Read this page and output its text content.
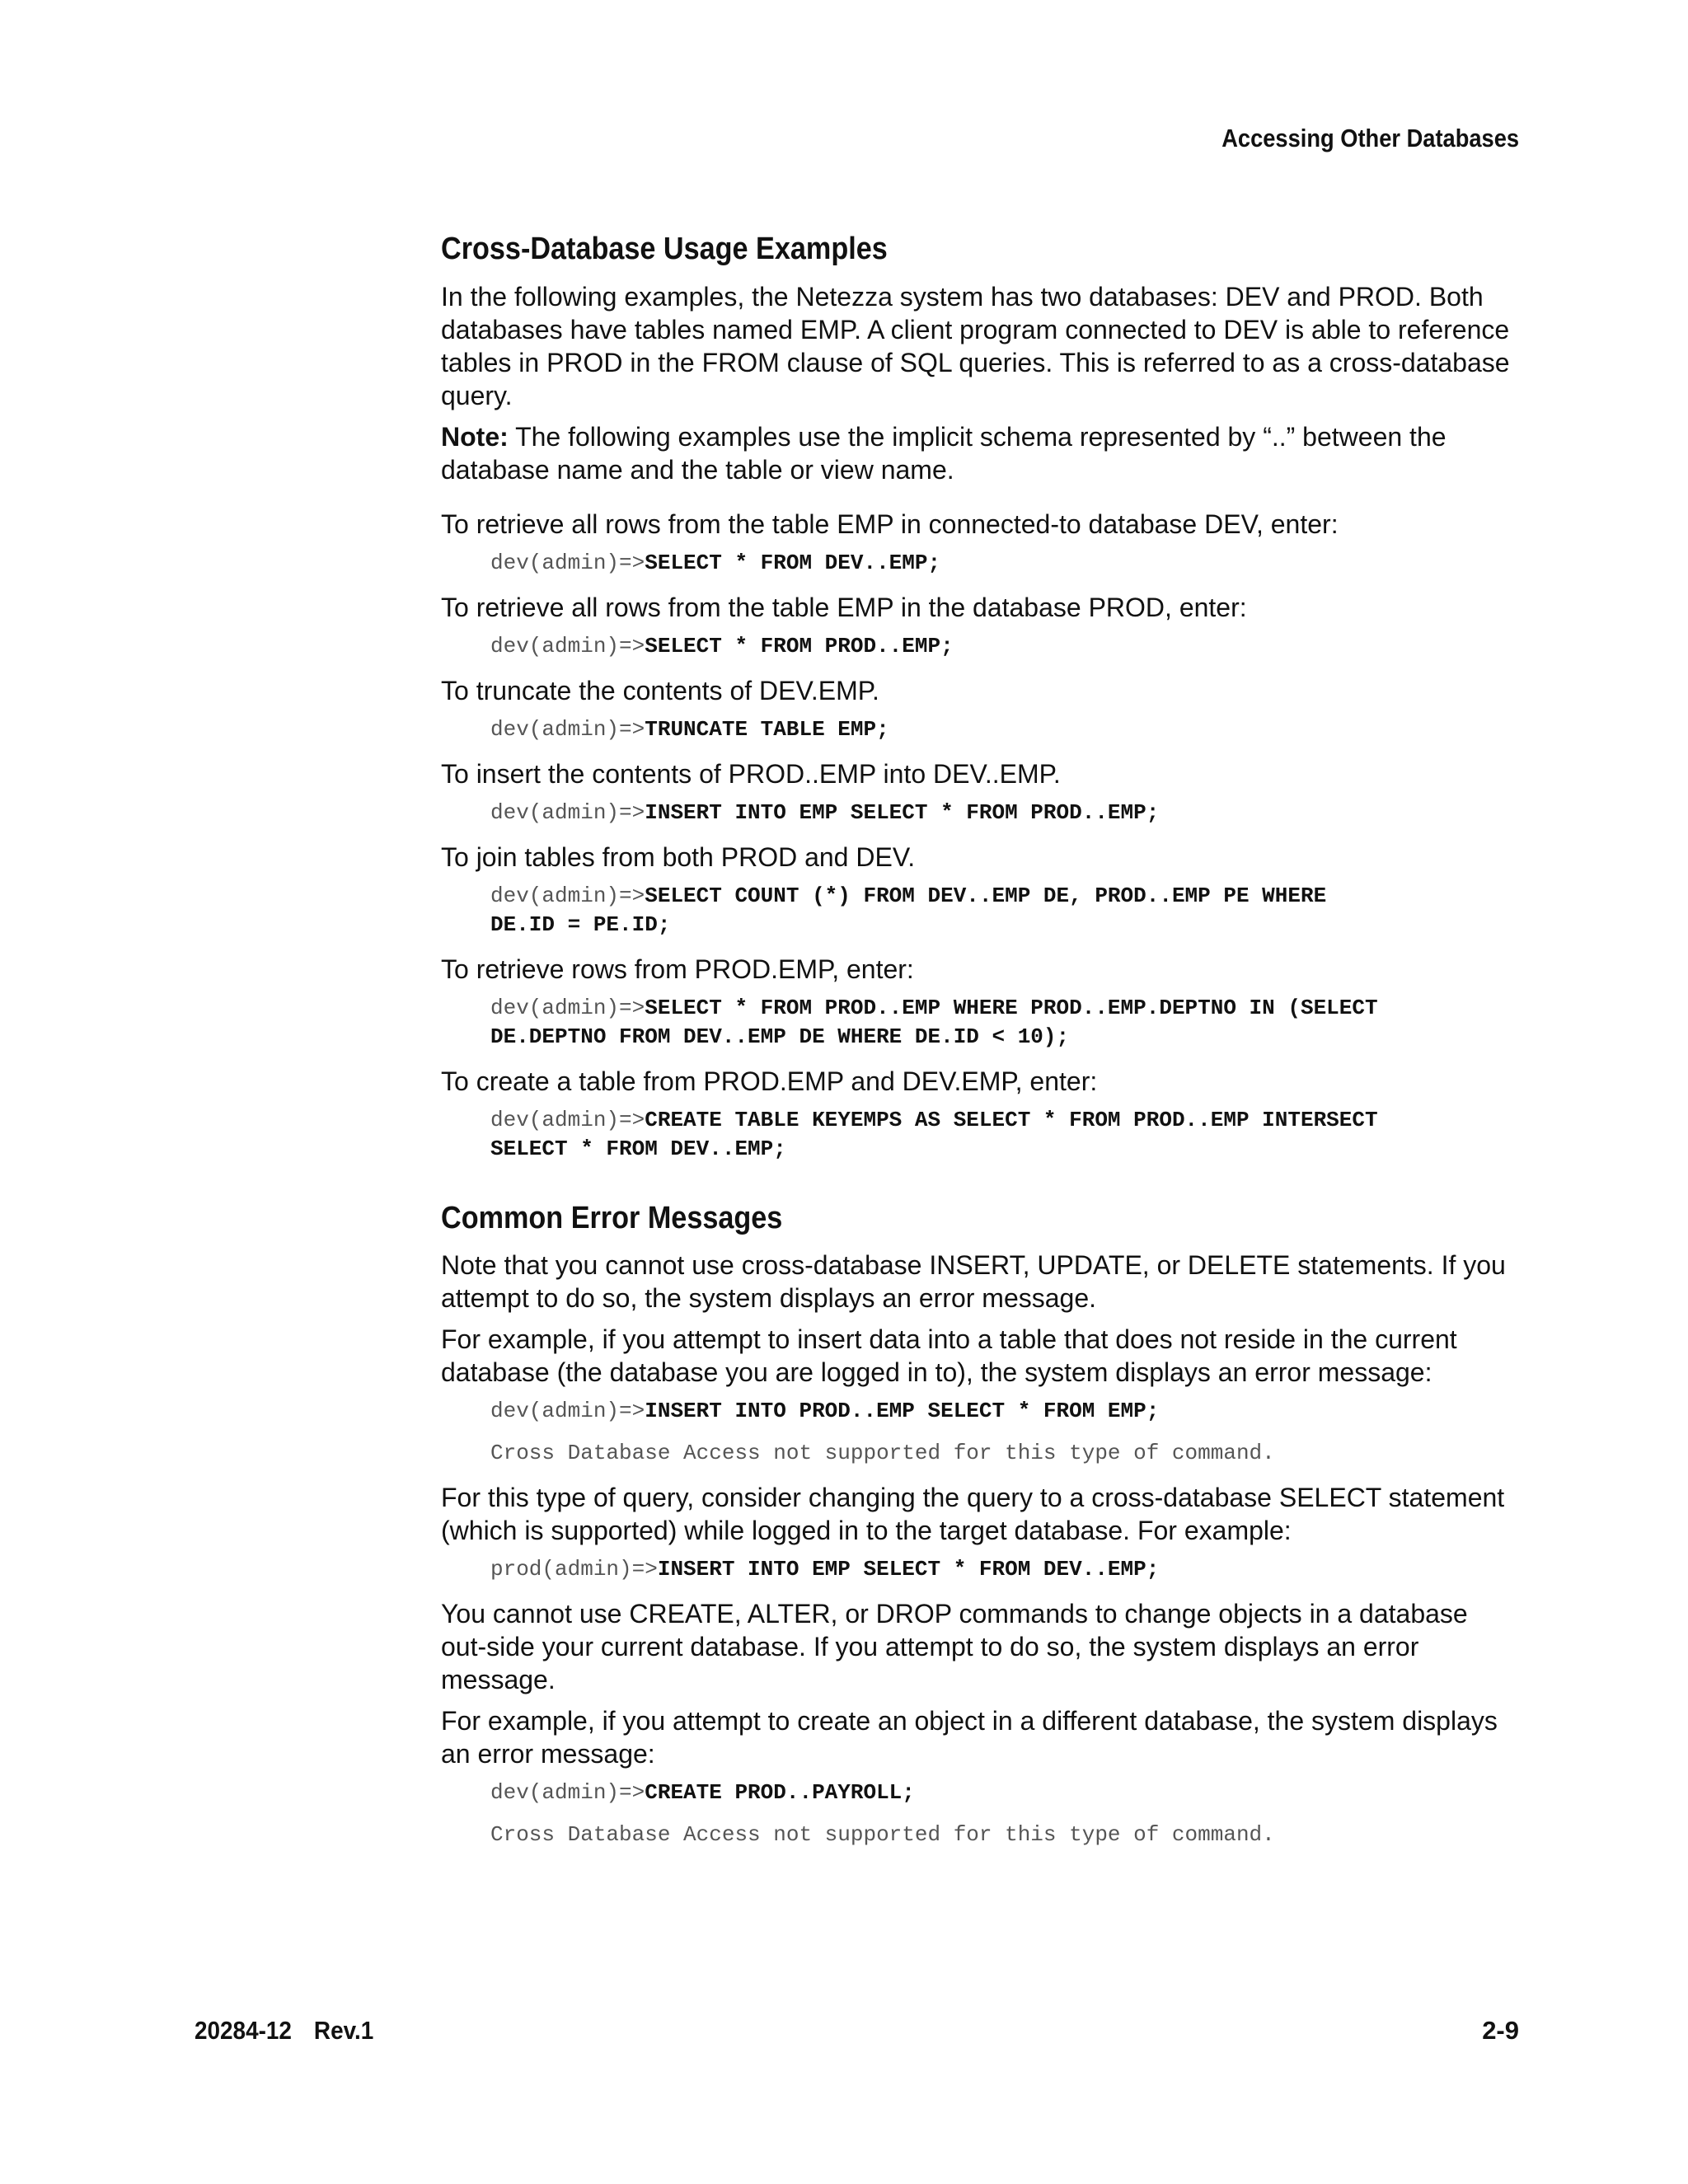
Accessing Other Databases
Cross-Database Usage Examples

In the following examples, the Netezza system has two databases: DEV and PROD. Both databases have tables named EMP. A client program connected to DEV is able to reference tables in PROD in the FROM clause of SQL queries. This is referred to as a cross-database query.

Note: The following examples use the implicit schema represented by “..” between the database name and the table or view name.

To retrieve all rows from the table EMP in connected-to database DEV, enter:

dev(admin)=>SELECT * FROM DEV..EMP;

To retrieve all rows from the table EMP in the database PROD, enter:

dev(admin)=>SELECT * FROM PROD..EMP;

To truncate the contents of DEV.EMP.

dev(admin)=>TRUNCATE TABLE EMP;

To insert the contents of PROD..EMP into DEV..EMP.

dev(admin)=>INSERT INTO EMP SELECT * FROM PROD..EMP;

To join tables from both PROD and DEV.

dev(admin)=>SELECT COUNT (*) FROM DEV..EMP DE, PROD..EMP PE WHERE
DE.ID = PE.ID;

To retrieve rows from PROD.EMP, enter:

dev(admin)=>SELECT * FROM PROD..EMP WHERE PROD..EMP.DEPTNO IN (SELECT
DE.DEPTNO FROM DEV..EMP DE WHERE DE.ID < 10);

To create a table from PROD.EMP and DEV.EMP, enter:

dev(admin)=>CREATE TABLE KEYEMPS AS SELECT * FROM PROD..EMP INTERSECT
SELECT * FROM DEV..EMP;
Common Error Messages

Note that you cannot use cross-database INSERT, UPDATE, or DELETE statements. If you attempt to do so, the system displays an error message.

For example, if you attempt to insert data into a table that does not reside in the current database (the database you are logged in to), the system displays an error message:

dev(admin)=>INSERT INTO PROD..EMP SELECT * FROM EMP;
Cross Database Access not supported for this type of command.

For this type of query, consider changing the query to a cross-database SELECT statement (which is supported) while logged in to the target database. For example:

prod(admin)=>INSERT INTO EMP SELECT * FROM DEV..EMP;

You cannot use CREATE, ALTER, or DROP commands to change objects in a database out-side your current database. If you attempt to do so, the system displays an error message.

For example, if you attempt to create an object in a different database, the system displays an error message:

dev(admin)=>CREATE PROD..PAYROLL;
Cross Database Access not supported for this type of command.
20284-12 Rev.1	2-9
